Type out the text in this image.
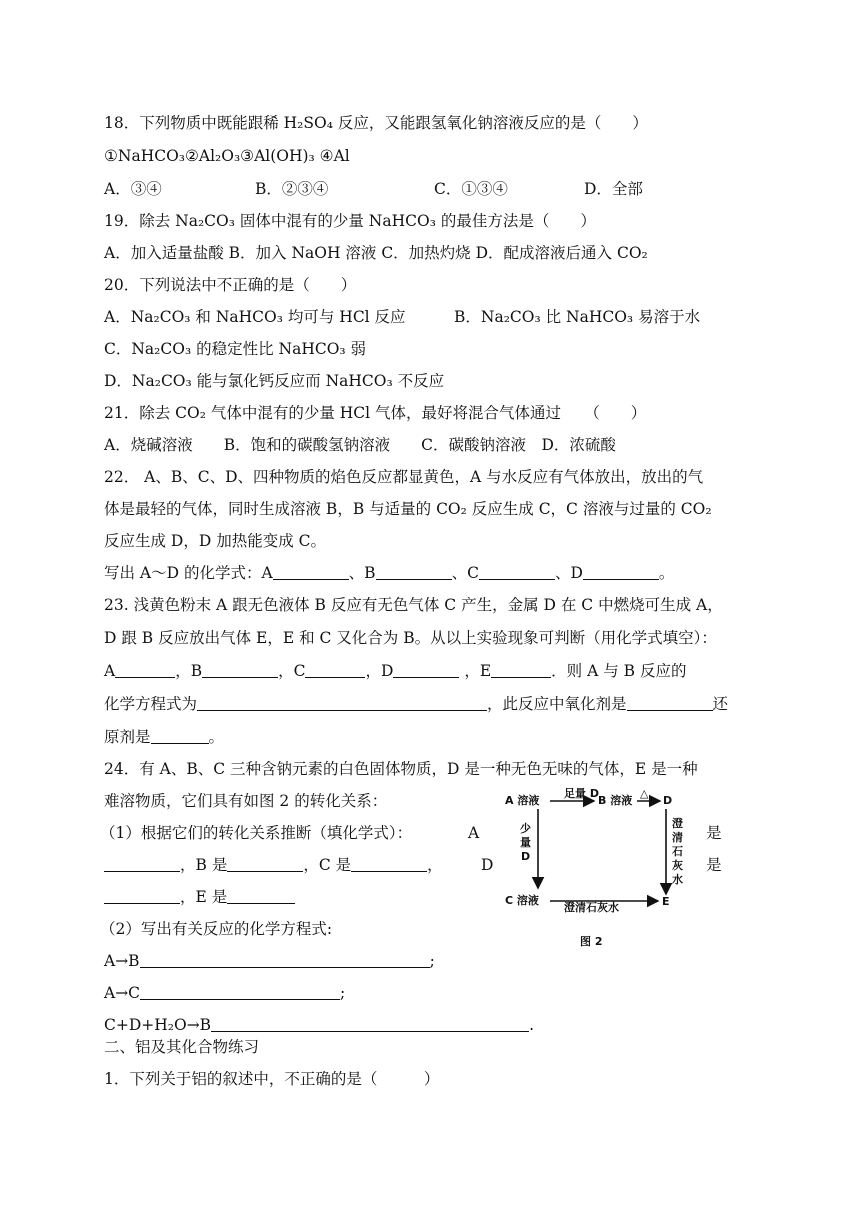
18．下列物质中既能跟稀 H₂SO₄ 反应，又能跟氢氧化钠溶液反应的是（　　）
①NaHCO₃②Al₂O₃③Al(OH)₃ ④Al
A．③④	B．②③④	C．①③④	D．全部
19．除去 Na₂CO₃ 固体中混有的少量 NaHCO₃ 的最佳方法是（　　）
A．加入适量盐酸 B．加入 NaOH 溶液 C．加热灼烧 D．配成溶液后通入 CO₂
20．下列说法中不正确的是（　　）
A．Na₂CO₃ 和 NaHCO₃ 均可与 HCl 反应	B．Na₂CO₃ 比 NaHCO₃ 易溶于水
C．Na₂CO₃ 的稳定性比 NaHCO₃ 弱
D．Na₂CO₃ 能与氯化钙反应而 NaHCO₃ 不反应
21．除去 CO₂ 气体中混有的少量 HCl 气体，最好将混合气体通过　　（　　）
A．烧碱溶液　　B．饱和的碳酸氢钠溶液　　C．碳酸钠溶液　D．浓硫酸
22． A、B、C、D、四种物质的焰色反应都显黄色，A 与水反应有气体放出，放出的气
体是最轻的气体，同时生成溶液 B，B 与适量的 CO₂ 反应生成 C，C 溶液与过量的 CO₂
反应生成 D，D 加热能变成 C。
写出 A～D 的化学式：A	、B	、C	、D	。
23. 浅黄色粉末 A 跟无色液体 B 反应有无色气体 C 产生，金属 D 在 C 中燃烧可生成 A，
D 跟 B 反应放出气体 E，E 和 C 又化合为 B。从以上实验现象可判断（用化学式填空）：
A	，B	，C	，D	，E	．则 A 与 B 反应的
化学方程式为	，此反应中氧化剂是	还
原剂是	。
24．有 A、B、C 三种含钠元素的白色固体物质，D 是一种无色无味的气体，E 是一种
难溶物质，它们具有如图 2 的转化关系：
（1）根据它们的转化关系推断（填化学式）：	A	是
，B 是	，C 是	， D	是
，E 是
（2）写出有关反应的化学方程式:
A→B	;
A→C	;
C+D+H₂O→B	.
A 溶液
足量 D
B 溶液
△
D
少
量
D
澄
清
石
灰
水
C 溶液
澄清石灰水	E
图 2
二、铝及其化合物练习
1．下列关于铝的叙述中，不正确的是（　　　）
